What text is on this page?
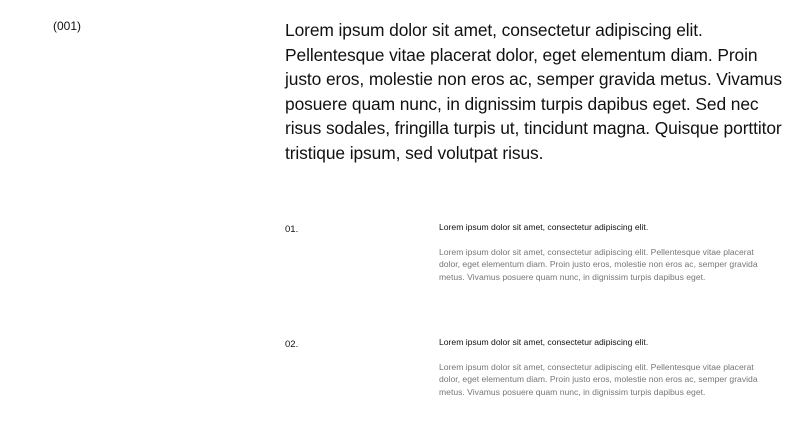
(001)	Lorem ipsum dolor sit amet, consectetur adipiscing elit. Pellentesque vitae placerat dolor, eget elementum diam. Proin justo eros, molestie non eros ac, semper gravida metus. Vivamus posuere quam nunc, in dignissim turpis dapibus eget. Sed nec risus sodales, fringilla turpis ut, tincidunt magna. Quisque porttitor tristique ipsum, sed volutpat risus.

01.	Lorem ipsum dolor sit amet, consectetur adipiscing elit.

Lorem ipsum dolor sit amet, consectetur adipiscing elit. Pellentesque vitae placerat dolor, eget elementum diam. Proin justo eros, molestie non eros ac, semper gravida metus. Vivamus posuere quam nunc, in dignissim turpis dapibus eget.

02.	Lorem ipsum dolor sit amet, consectetur adipiscing elit.

Lorem ipsum dolor sit amet, consectetur adipiscing elit. Pellentesque vitae placerat dolor, eget elementum diam. Proin justo eros, molestie non eros ac, semper gravida metus. Vivamus posuere quam nunc, in dignissim turpis dapibus eget.
